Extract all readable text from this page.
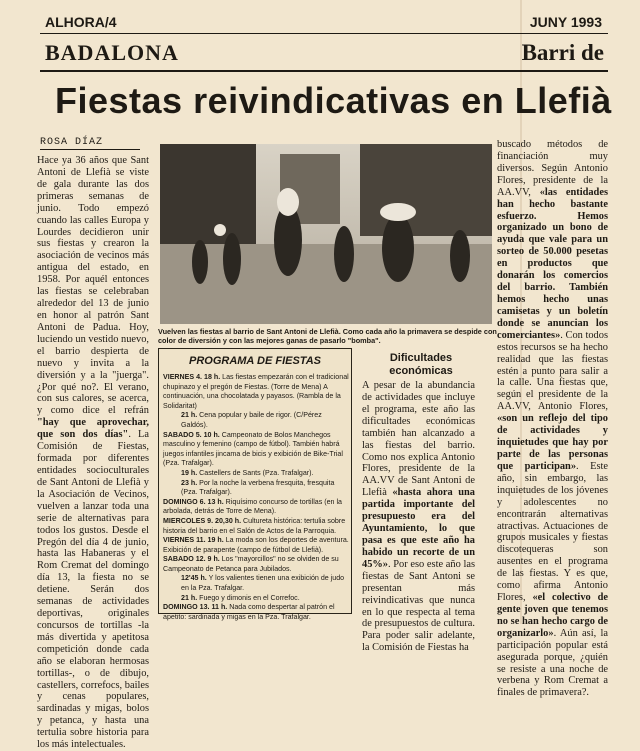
ALHORA/4	JUNY 1993
BADALONA	Barri de
Fiestas reivindicativas en Llefià
ROSA DÍAZ
Hace ya 36 años que Sant Antoni de Llefià se viste de gala durante las dos primeras semanas de junio. Todo empezó cuando las calles Europa y Lourdes decidieron unir sus fiestas y crearon la asociación de vecinos más antigua del estado, en 1958. Por aquél entonces las fiestas se celebraban alrededor del 13 de junio en honor al patrón Sant Antoni de Padua. Hoy, luciendo un vestido nuevo, el barrio despierta de nuevo y invita a la diversión y a la "juerga". ¿Por qué no?. El verano, con sus calores, se acerca, y como dice el refrán "hay que aprovechar, que son dos días". La Comisión de Fiestas, formada por diferentes entidades socioculturales de Sant Antoni de Llefià y la Asociación de Vecinos, vuelven a lanzar toda una serie de alternativas para todos los gustos. Desde el Pregón del día 4 de junio, hasta las Habaneras y el Rom Cremat del domingo día 13, la fiesta no se detiene. Serán dos semanas de actividades deportivas, originales concursos de tortillas -la más divertida y apetitosa competición donde cada año se elaboran hermosas tortillas-, o de dibujo, castellers, correfocs, bailes y cenas populares, sardinadas y migas, bolos y petanca, y hasta una tertulia sobre historia para los más intelectuales.
Vuelven las fiestas al barrio de Sant Antoni de Llefià. Como cada año la primavera se despide con color de diversión y con las mejores ganas de pasarlo "bomba".
PROGRAMA DE FIESTAS

VIERNES 4. 18 h. Las fiestas empezarán con el tradicional chupinazo y el pregón de Fiestas. (Torre de Mena) A continuación, una chocolatada y payasos. (Rambla de la Solidaritat)

21 h. Cena popular y baile de rigor. (C/Pérez Galdós).

SABADO 5. 10 h. Campeonato de Bolos Manchegos masculino y femenino (campo de fútbol). También habrá juegos infantiles jincama de bicis y exibición de Bike-Trial (Pza. Trafalgar).

19 h. Castellers de Sants (Pza. Trafalgar).

23 h. Por la noche la verbena fresquita, fresquita (Pza. Trafalgar).

DOMINGO 6. 13 h. Riquísimo concurso de tortillas (en la arbolada, detrás de Torre de Mena).

MIERCOLES 9. 20,30 h. Cultureta histórica: tertulia sobre historia del barrio en el Salón de Actos de la Parroquia.

VIERNES 11. 19 h. La moda son los deportes de aventura. Exibición de parapente (campo de fútbol de Llefià).

SABADO 12. 9 h. Los "mayorcillos" no se olviden de su Campeonato de Petanca para Jubilados.

12'45 h. Y los valientes tienen una exibición de judo en la Pza. Trafalgar.

21 h. Fuego y dimonis en el Correfoc.

DOMINGO 13. 11 h. Nada como despertar al patrón el apetito: sardinada y migas en la Pza. Trafalgar.

Dificultades económicas
A pesar de la abundancia de actividades que incluye el programa, este año las dificultades económicas también han alcanzado a las fiestas del barrio. Como nos explica Antonio Flores, presidente de la AA.VV de Sant Antoni de Llefià «hasta ahora una partida importante del presupuesto era del Ayuntamiento, lo que pasa es que este año ha habido un recorte de un 45%». Por eso este año las fiestas de Sant Antoni se presentan más reivindicativas que nunca en lo que respecta al tema de presupuestos de cultura. Para poder salir adelante, la Comisión de Fiestas ha
buscado métodos de financiación muy diversos. Según Antonio Flores, presidente de la AA.VV, «las entidades han hecho bastante esfuerzo. Hemos organizado un bono de ayuda que vale para un sorteo de 50.000 pesetas en productos que donarán los comercios del barrio. También hemos hecho unas camisetas y un boletín donde se anuncian los comerciantes». Con todos estos recursos se ha hecho realidad que las fiestas estén a punto para salir a la calle. Una fiestas que, según el presidente de la AA.VV, Antonio Flores, «son un reflejo del tipo de actividades y inquietudes que hay por parte de las personas que participan». Este año, sin embargo, las inquietudes de los jóvenes y adolescentes no encontrarán alternativas atractivas. Actuaciones de grupos musicales y fiestas discotequeras son ausentes en el programa de las fiestas. Y es que, como afirma Antonio Flores, «el colectivo de gente joven que tenemos no se han hecho cargo de organizarlo». Aún así, la participación popular está asegurada porque, ¿quién se resiste a una noche de verbena y Rom Cremat a finales de primavera?.
